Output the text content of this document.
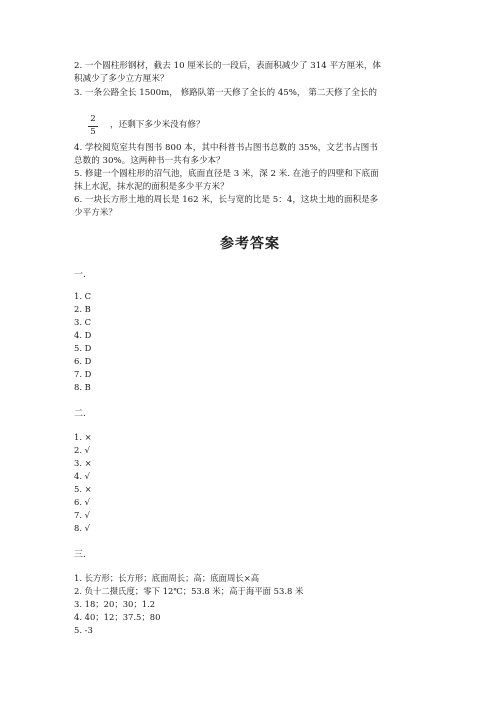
2. 一个圆柱形钢材，截去 10 厘米长的一段后，表面积减少了 314 平方厘米，体
积减少了多少立方厘米？
3. 一条公路全长 1500m， 修路队第一天修了全长的 45%， 第二天修了全长的
2
5
，还剩下多少米没有修？
4. 学校阅览室共有图书 800 本，其中科普书占图书总数的 35%，文艺书占图书
总数的 30%。这两种书一共有多少本？
5. 修建一个圆柱形的沼气池，底面直径是 3 米，深 2 米. 在池子的四壁和下底面
抹上水泥，抹水泥的面积是多少平方米？
6. 一块长方形土地的周长是 162 米，长与宽的比是 5：4，这块土地的面积是多
少平方米？
参考答案
一.
1. C
2. B
3. C
4. D
5. D
6. D
7. D
8. B
二.
1. ×
2. √
3. ×
4. √
5. ×
6. √
7. √
8. √
三.
1. 长方形；长方形；底面周长；高；底面周长×高
2. 负十二摄氏度；零下 12℃；53.8 米；高于海平面 53.8 米
3. 18；20；30；1.2
4. 40；12；37.5；80
5. -3
